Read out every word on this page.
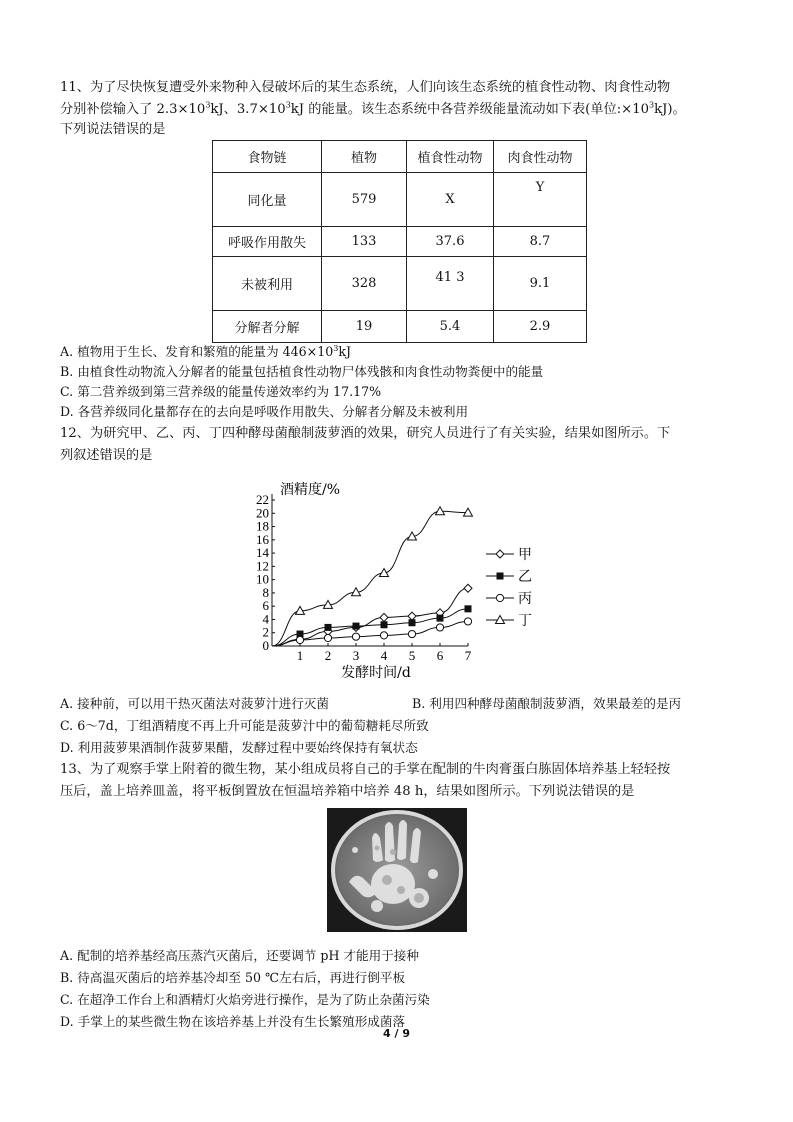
11、为了尽快恢复遭受外来物种入侵破坏后的某生态系统，人们向该生态系统的植食性动物、肉食性动物
分别补偿输入了 $2.3\times 10^3kJ$、$3.7\times 10^3kJ$ 的能量。该生态系统中各营养级能量流动如下表(单位$:\times 10^3kJ$)。
下列说法错误的是
食物链	植物	植食性动物	肉食性动物
同化量	579	X	Y
呼吸作用散失	133	37.6	8.7
未被利用	328	41 3	9.1
分解者分解	19	5.4	2.9
A. 植物用于生长、发育和繁殖的能量为 $446\times 10^3kJ$
B. 由植食性动物流入分解者的能量包括植食性动物尸体残骸和肉食性动物粪便中的能量
C. 第二营养级到第三营养级的能量传递效率约为 17.17%
D. 各营养级同化量都存在的去向是呼吸作用散失、分解者分解及未被利用
12、为研究甲、乙、丙、丁四种酵母菌酿制菠萝酒的效果，研究人员进行了有关实验，结果如图所示。下
列叙述错误的是
0
2
4
6
8
10
12
14
16
18
20
22
1 2 3 4 5 6 7
酒精度/%
发酵时间/d
甲
乙
丙
丁
A. 接种前，可以用干热灭菌法对菠萝汁进行灭菌	B. 利用四种酵母菌酿制菠萝酒，效果最差的是丙
C. 6～7d，丁组酒精度不再上升可能是菠萝汁中的葡萄糖耗尽所致
D. 利用菠萝果酒制作菠萝果醋，发酵过程中要始终保持有氧状态
13、为了观察手掌上附着的微生物，某小组成员将自己的手掌在配制的牛肉膏蛋白胨固体培养基上轻轻按
压后，盖上培养皿盖，将平板倒置放在恒温培养箱中培养 48 h，结果如图所示。下列说法错误的是
A. 配制的培养基经高压蒸汽灭菌后，还要调节 pH 才能用于接种
B. 待高温灭菌后的培养基冷却至 50 ℃左右后，再进行倒平板
C. 在超净工作台上和酒精灯火焰旁进行操作，是为了防止杂菌污染
D. 手掌上的某些微生物在该培养基上并没有生长繁殖形成菌落
4 / 9
